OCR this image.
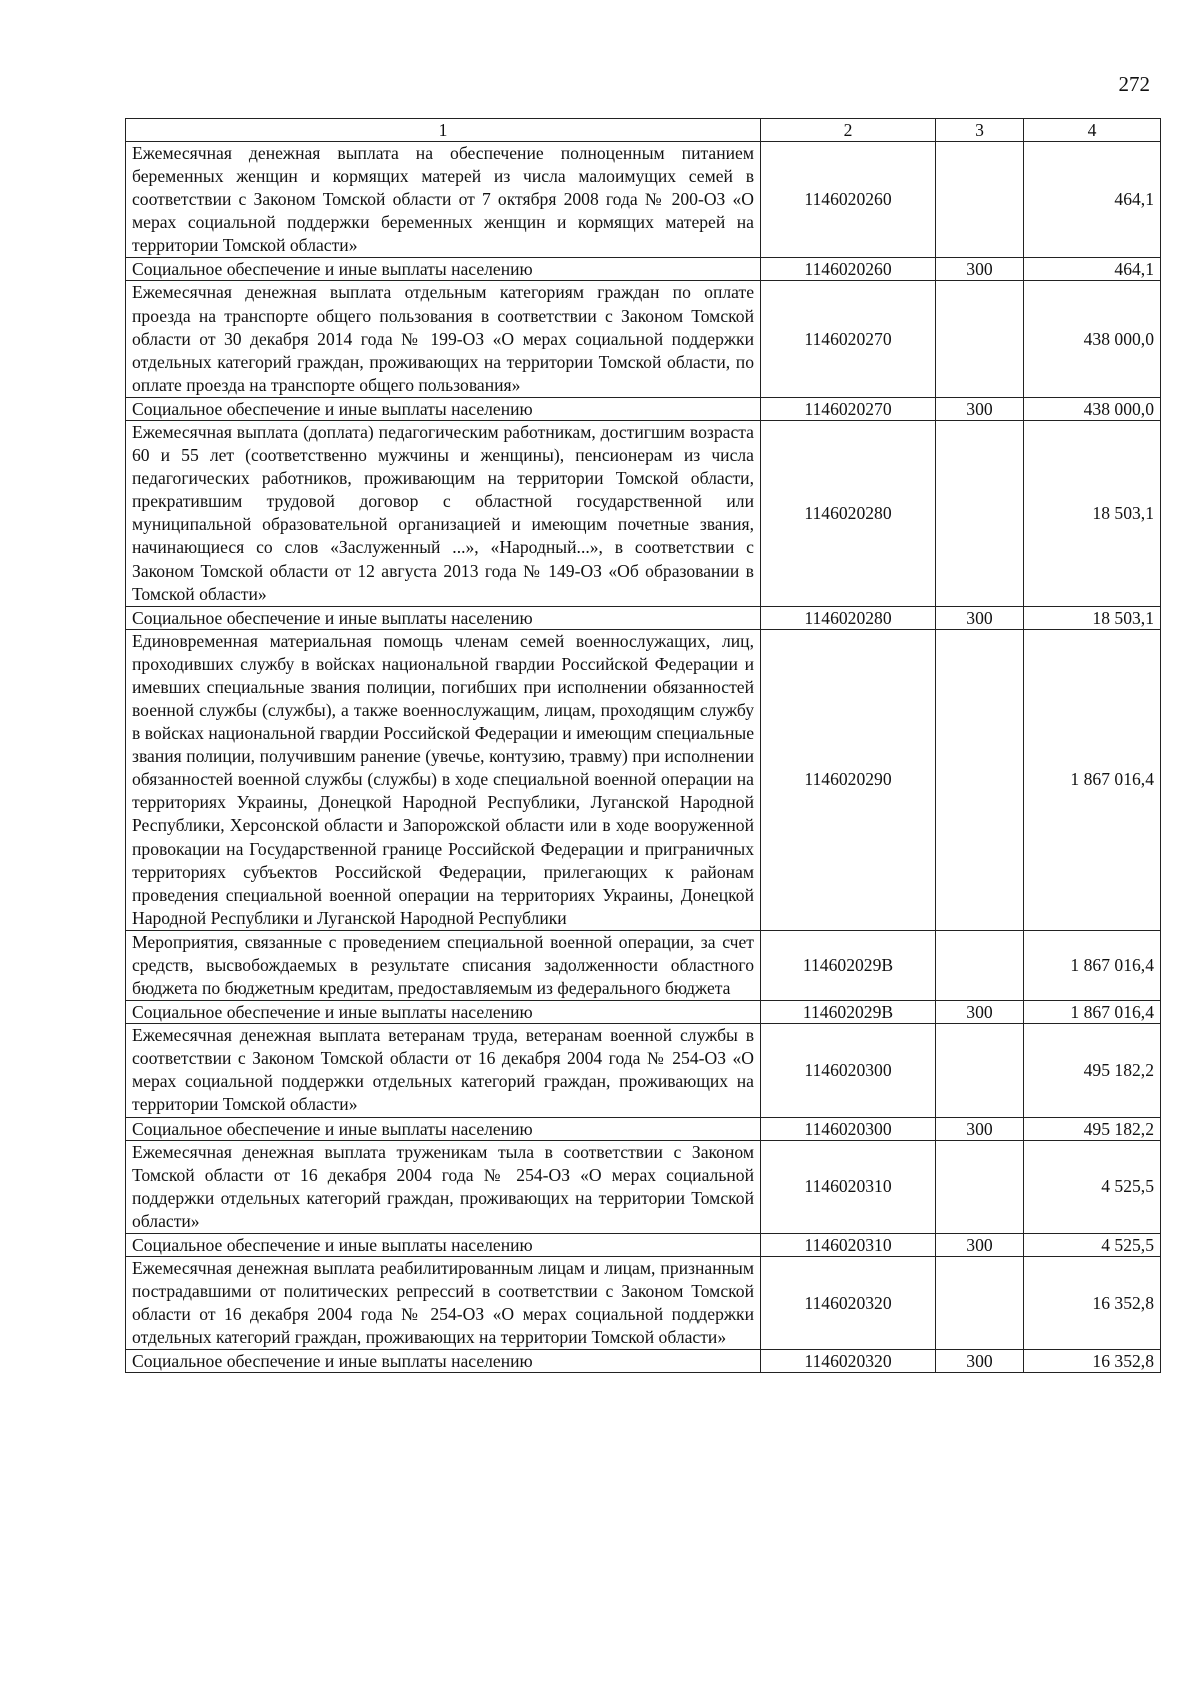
272
1	2	3	4
Ежемесячная денежная выплата на обеспечение полноценным питанием беременных женщин и кормящих матерей из числа малоимущих семей в соответствии с Законом Томской области от 7 октября 2008 года № 200-ОЗ «О мерах социальной поддержки беременных женщин и кормящих матерей на территории Томской области»	1146020260		464,1
Социальное обеспечение и иные выплаты населению	1146020260	300	464,1
Ежемесячная денежная выплата отдельным категориям граждан по оплате проезда на транспорте общего пользования в соответствии с Законом Томской области от 30 декабря 2014 года № 199-ОЗ «О мерах социальной поддержки отдельных категорий граждан, проживающих на территории Томской области, по оплате проезда на транспорте общего пользования»	1146020270		438 000,0
Социальное обеспечение и иные выплаты населению	1146020270	300	438 000,0
Ежемесячная выплата (доплата) педагогическим работникам, достигшим возраста 60 и 55 лет (соответственно мужчины и женщины), пенсионерам из числа педагогических работников, проживающим на территории Томской области, прекратившим трудовой договор с областной государственной или муниципальной образовательной организацией и имеющим почетные звания, начинающиеся со слов «Заслуженный ...», «Народный...», в соответствии с Законом Томской области от 12 августа 2013 года № 149-ОЗ «Об образовании в Томской области»	1146020280		18 503,1
Социальное обеспечение и иные выплаты населению	1146020280	300	18 503,1
Единовременная материальная помощь членам семей военнослужащих, лиц, проходивших службу в войсках национальной гвардии Российской Федерации и имевших специальные звания полиции, погибших при исполнении обязанностей военной службы (службы), а также военнослужащим, лицам, проходящим службу в войсках национальной гвардии Российской Федерации и имеющим специальные звания полиции, получившим ранение (увечье, контузию, травму) при исполнении обязанностей военной службы (службы) в ходе специальной военной операции на территориях Украины, Донецкой Народной Республики, Луганской Народной Республики, Херсонской области и Запорожской области или в ходе вооруженной провокации на Государственной границе Российской Федерации и приграничных территориях субъектов Российской Федерации, прилегающих к районам проведения специальной военной операции на территориях Украины, Донецкой Народной Республики и Луганской Народной Республики	1146020290		1 867 016,4
Мероприятия, связанные с проведением специальной военной операции, за счет средств, высвобождаемых в результате списания задолженности областного бюджета по бюджетным кредитам, предоставляемым из федерального бюджета	114602029В		1 867 016,4
Социальное обеспечение и иные выплаты населению	114602029В	300	1 867 016,4
Ежемесячная денежная выплата ветеранам труда, ветеранам военной службы в соответствии с Законом Томской области от 16 декабря 2004 года № 254-ОЗ «О мерах социальной поддержки отдельных категорий граждан, проживающих на территории Томской области»	1146020300		495 182,2
Социальное обеспечение и иные выплаты населению	1146020300	300	495 182,2
Ежемесячная денежная выплата труженикам тыла в соответствии с Законом Томской области от 16 декабря 2004 года № 254-ОЗ «О мерах социальной поддержки отдельных категорий граждан, проживающих на территории Томской области»	1146020310		4 525,5
Социальное обеспечение и иные выплаты населению	1146020310	300	4 525,5
Ежемесячная денежная выплата реабилитированным лицам и лицам, признанным пострадавшими от политических репрессий в соответствии с Законом Томской области от 16 декабря 2004 года № 254-ОЗ «О мерах социальной поддержки отдельных категорий граждан, проживающих на территории Томской области»	1146020320		16 352,8
Социальное обеспечение и иные выплаты населению	1146020320	300	16 352,8
